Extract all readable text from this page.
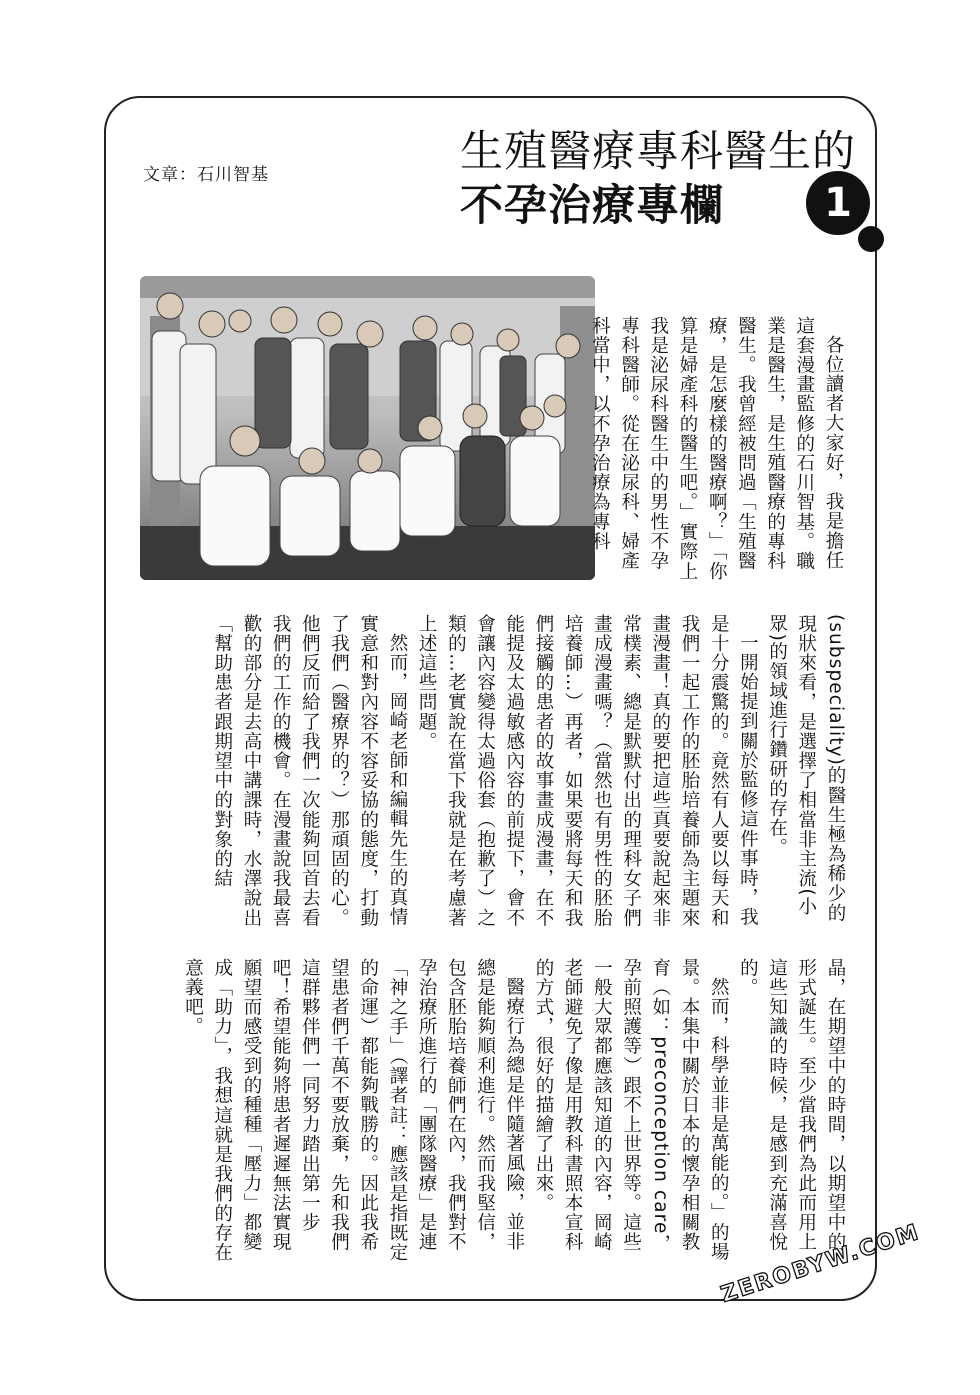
1
文章：石川智基	生殖醫療專科醫生的
不孕治療專欄
各位讀者大家好，我是擔任這套漫畫監修的石川智基。職業是醫生，是生殖醫療的專科醫生。我曾經被問過「生殖醫療，是怎麼樣的醫療啊？」「你算是婦產科的醫生吧。」實際上我是泌尿科醫生中的男性不孕專科醫師。從在泌尿科、婦產科當中，以不孕治療為專科
(subspeciality)的醫生極為稀少的現狀來看，是選擇了相當非主流(小眾)的領域進行鑽研的存在。
一開始提到關於監修這件事時，我是十分震驚的。竟然有人要以每天和我們一起工作的胚胎培養師為主題來畫漫畫！真的要把這些真要說起來非常樸素、總是默默付出的理科女子們畫成漫畫嗎？（當然也有男性的胚胎培養師…）再者，如果要將每天和我們接觸的患者的故事畫成漫畫，在不能提及太過敏感內容的前提下，會不會讓內容變得太過俗套（抱歉了）之類的…老實說在當下我就是在考慮著上述這些問題。
然而，岡崎老師和編輯先生的真情實意和對內容不容妥協的態度，打動了我們（醫療界的？）那頑固的心。他們反而給了我們一次能夠回首去看我們的工作的機會。在漫畫說我最喜歡的部分是去高中講課時，水澤說出「幫助患者跟期望中的對象的結
晶，在期望中的時間，以期望中的形式誕生。至少當我們為此而用上這些知識的時候，是感到充滿喜悅的。
然而，科學並非是萬能的。」的場景。本集中關於日本的懷孕相關教育（如：preconception care，孕前照護等）跟不上世界等。這些一般大眾都應該知道的內容，岡崎老師避免了像是用教科書照本宣科的方式，很好的描繪了出來。
醫療行為總是伴隨著風險，並非總是能夠順利進行。然而我堅信，包含胚胎培養師們在內，我們對不孕治療所進行的「團隊醫療」是連「神之手」（譯者註：應該是指既定的命運）都能夠戰勝的。因此我希望患者們千萬不要放棄，先和我們這群夥伴們一同努力踏出第一步吧！希望能夠將患者遲遲無法實現願望而感受到的種種「壓力」都變成「助力」，我想這就是我們的存在意義吧。
ZEROBYW.COM
